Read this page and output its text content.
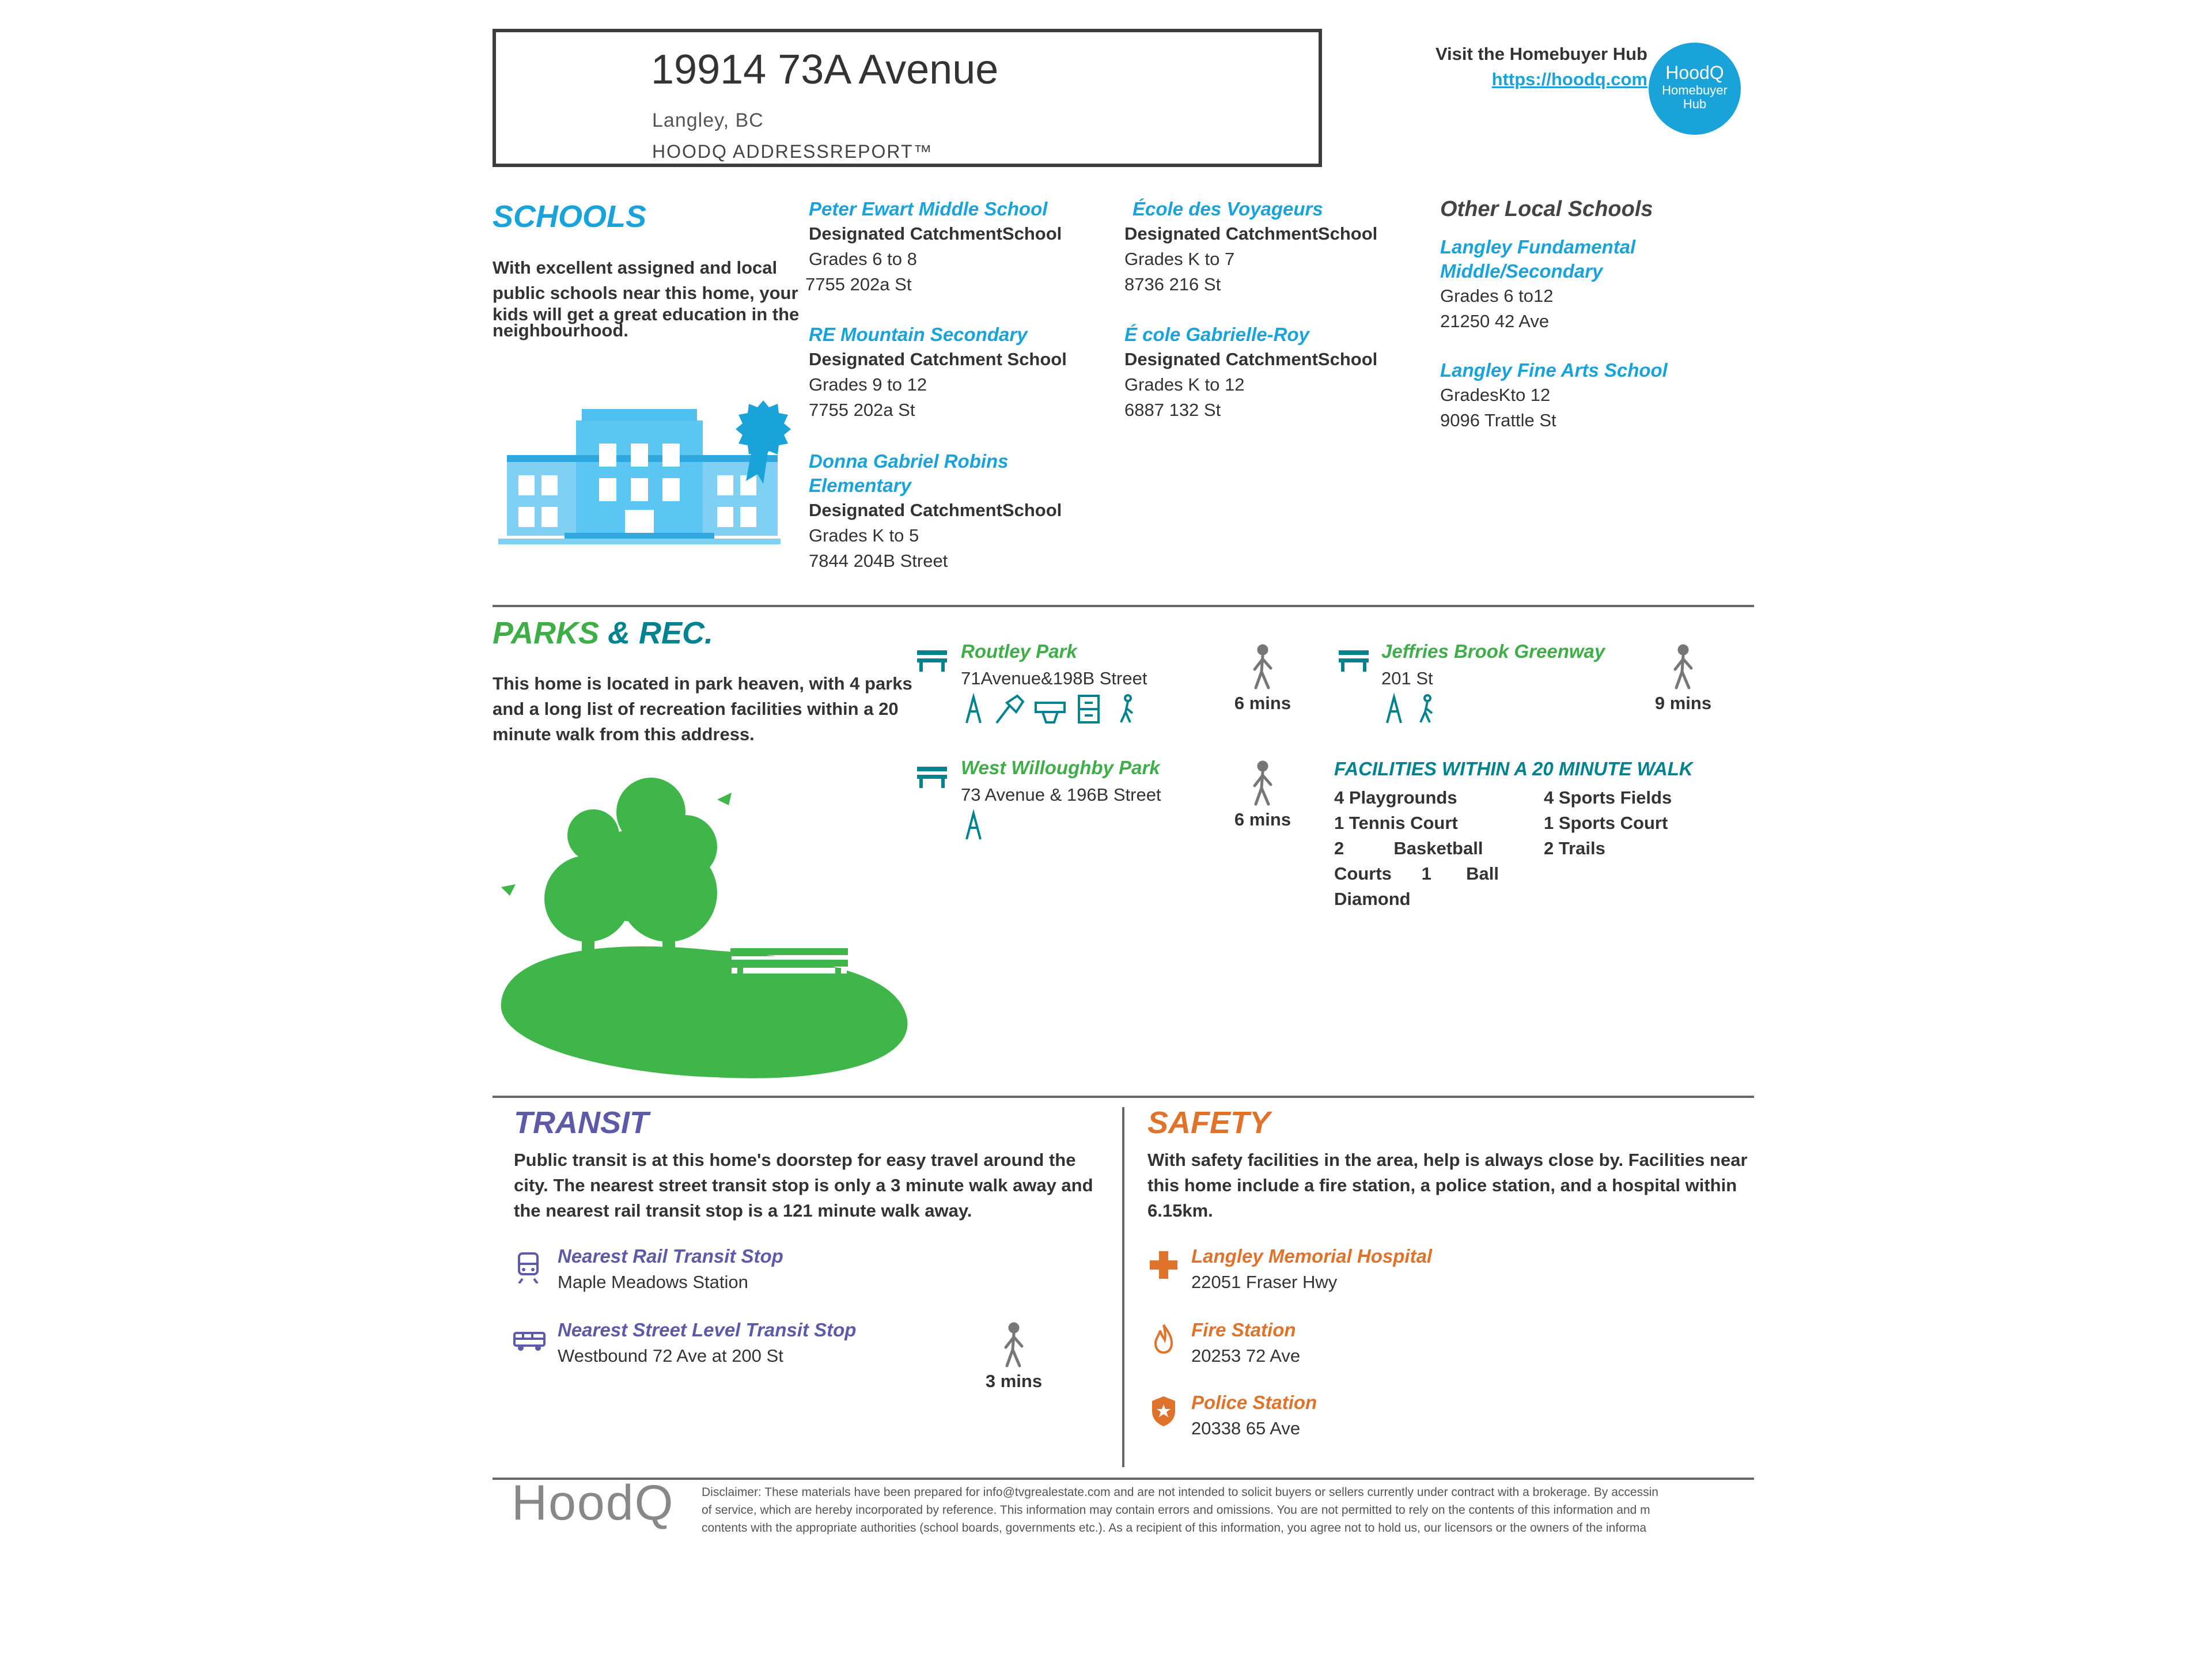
19914 73A Avenue
Langley, BC
HOODQ ADDRESSREPORT™
Visit the Homebuyer Hub
https://hoodq.com HoodQ
Homebuyer
Hub
SCHOOLS
With excellent assigned and local
public schools near this home, your
kids will get a great education in the
neighbourhood.
Peter Ewart Middle School
Designated CatchmentSchool
Grades 6 to 8
7755 202a St
RE Mountain Secondary
Designated Catchment School
Grades 9 to 12
7755 202a St
Donna Gabriel Robins
Elementary
Designated CatchmentSchool
Grades K to 5
7844 204B Street
École des Voyageurs
Designated CatchmentSchool
Grades K to 7
8736 216 St
É cole Gabrielle-Roy
Designated CatchmentSchool
Grades K to 12
6887 132 St
Other Local Schools
Langley Fundamental
Middle/Secondary
Grades 6 to12
21250 42 Ave
Langley Fine Arts School
GradesKto 12
9096 Trattle St
PARKS & REC.
This home is located in park heaven, with 4 parks
and a long list of recreation facilities within a 20
minute walk from this address.
Routley Park
71Avenue&198B Street
6 mins
West Willoughby Park
73 Avenue & 196B Street
6 mins
Jeffries Brook Greenway
201 St
9 mins
FACILITIES WITHIN A 20 MINUTE WALK
4 Playgrounds
1 Tennis Court
2          Basketball
Courts      1       Ball
Diamond
4 Sports Fields
1 Sports Court
2 Trails
TRANSIT
Public transit is at this home's doorstep for easy travel around the
city. The nearest street transit stop is only a 3 minute walk away and
the nearest rail transit stop is a 121 minute walk away.
Nearest Rail Transit Stop
Maple Meadows Station
Nearest Street Level Transit Stop
Westbound 72 Ave at 200 St
3 mins
SAFETY
With safety facilities in the area, help is always close by. Facilities near
this home include a fire station, a police station, and a hospital within
6.15km.
Langley Memorial Hospital
22051 Fraser Hwy
Fire Station
20253 72 Ave
Police Station
20338 65 Ave
HoodQ Disclaimer: These materials have been prepared for info@tvgrealestate.com and are not intended to solicit buyers or sellers currently under contract with a brokerage. By accessin
of service, which are hereby incorporated by reference. This information may contain errors and omissions. You are not permitted to rely on the contents of this information and m
contents with the appropriate authorities (school boards, governments etc.). As a recipient of this information, you agree not to hold us, our licensors or the owners of the informa
